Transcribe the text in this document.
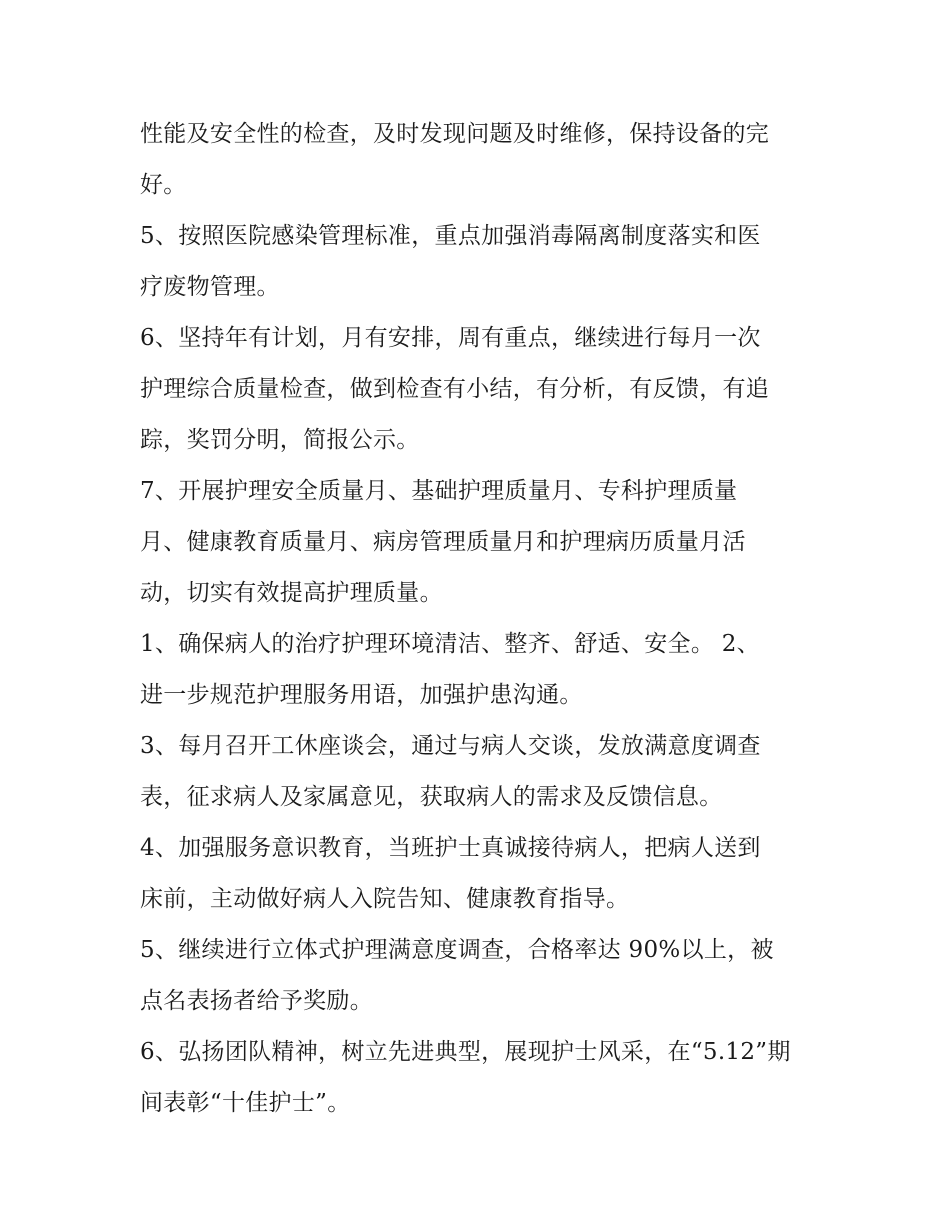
性能及安全性的检查，及时发现问题及时维修，保持设备的完
好。
5、按照医院感染管理标准，重点加强消毒隔离制度落实和医
疗废物管理。
6、坚持年有计划，月有安排，周有重点，继续进行每月一次
护理综合质量检查，做到检查有小结，有分析，有反馈，有追
踪，奖罚分明，简报公示。
7、开展护理安全质量月、基础护理质量月、专科护理质量
月、健康教育质量月、病房管理质量月和护理病历质量月活
动，切实有效提高护理质量。
1、确保病人的治疗护理环境清洁、整齐、舒适、安全。 2、
进一步规范护理服务用语，加强护患沟通。
3、每月召开工休座谈会，通过与病人交谈，发放满意度调查
表，征求病人及家属意见，获取病人的需求及反馈信息。
4、加强服务意识教育，当班护士真诚接待病人，把病人送到
床前，主动做好病人入院告知、健康教育指导。
5、继续进行立体式护理满意度调查，合格率达 90%以上，被
点名表扬者给予奖励。
6、弘扬团队精神，树立先进典型，展现护士风采，在“5.12”期
间表彰“十佳护士”。
